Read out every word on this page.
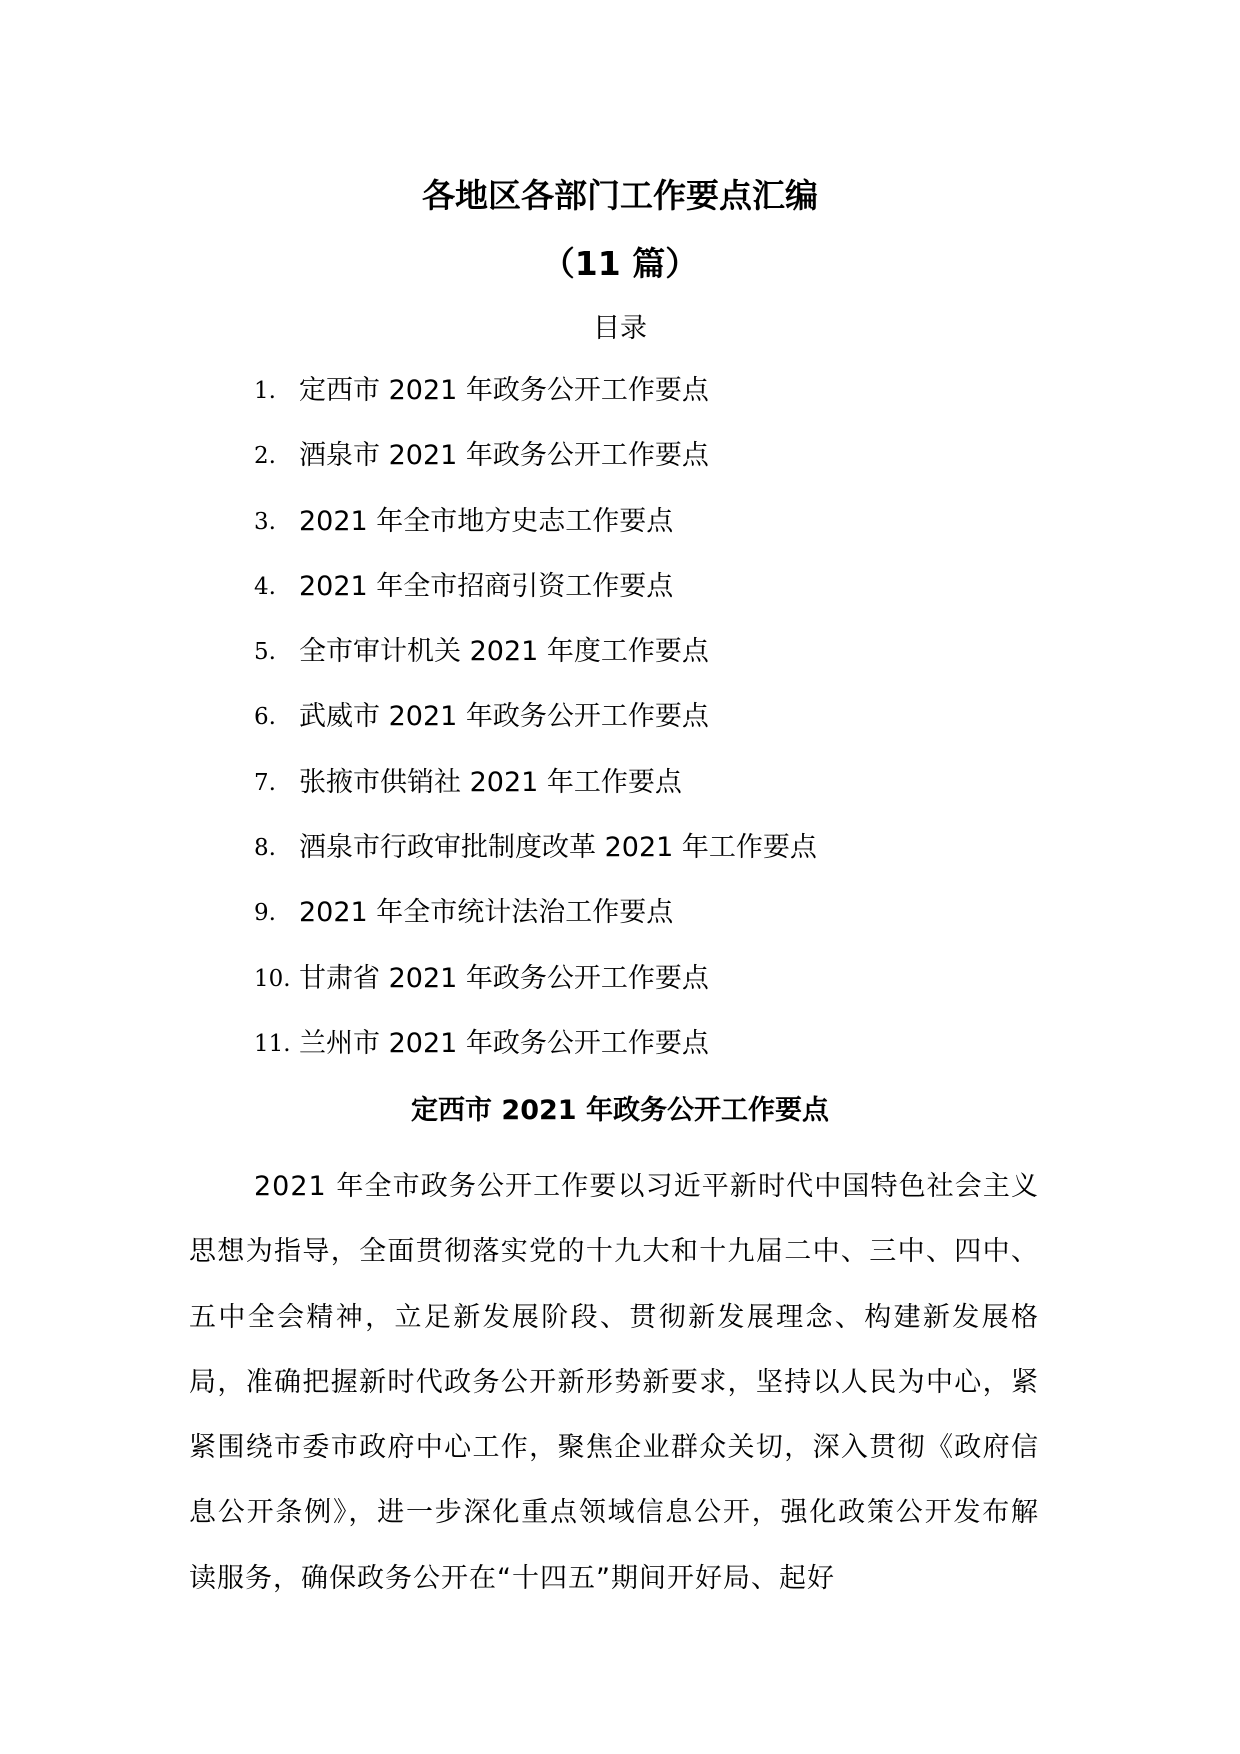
各地区各部门工作要点汇编
（11 篇）
目录
1. 定西市 2021 年政务公开工作要点
2. 酒泉市 2021 年政务公开工作要点
3. 2021 年全市地方史志工作要点
4. 2021 年全市招商引资工作要点
5. 全市审计机关 2021 年度工作要点
6. 武威市 2021 年政务公开工作要点
7. 张掖市供销社 2021 年工作要点
8. 酒泉市行政审批制度改革 2021 年工作要点
9. 2021 年全市统计法治工作要点
10. 甘肃省 2021 年政务公开工作要点
11. 兰州市 2021 年政务公开工作要点
定西市 2021 年政务公开工作要点

2021 年全市政务公开工作要以习近平新时代中国特色社会主义思想为指导，全面贯彻落实党的十九大和十九届二中、三中、四中、五中全会精神，立足新发展阶段、贯彻新发展理念、构建新发展格局，准确把握新时代政务公开新形势新要求，坚持以人民为中心，紧紧围绕市委市政府中心工作，聚焦企业群众关切，深入贯彻《政府信息公开条例》，进一步深化重点领域信息公开，强化政策公开发布解读服务，确保政务公开在“十四五”期间开好局、起好
